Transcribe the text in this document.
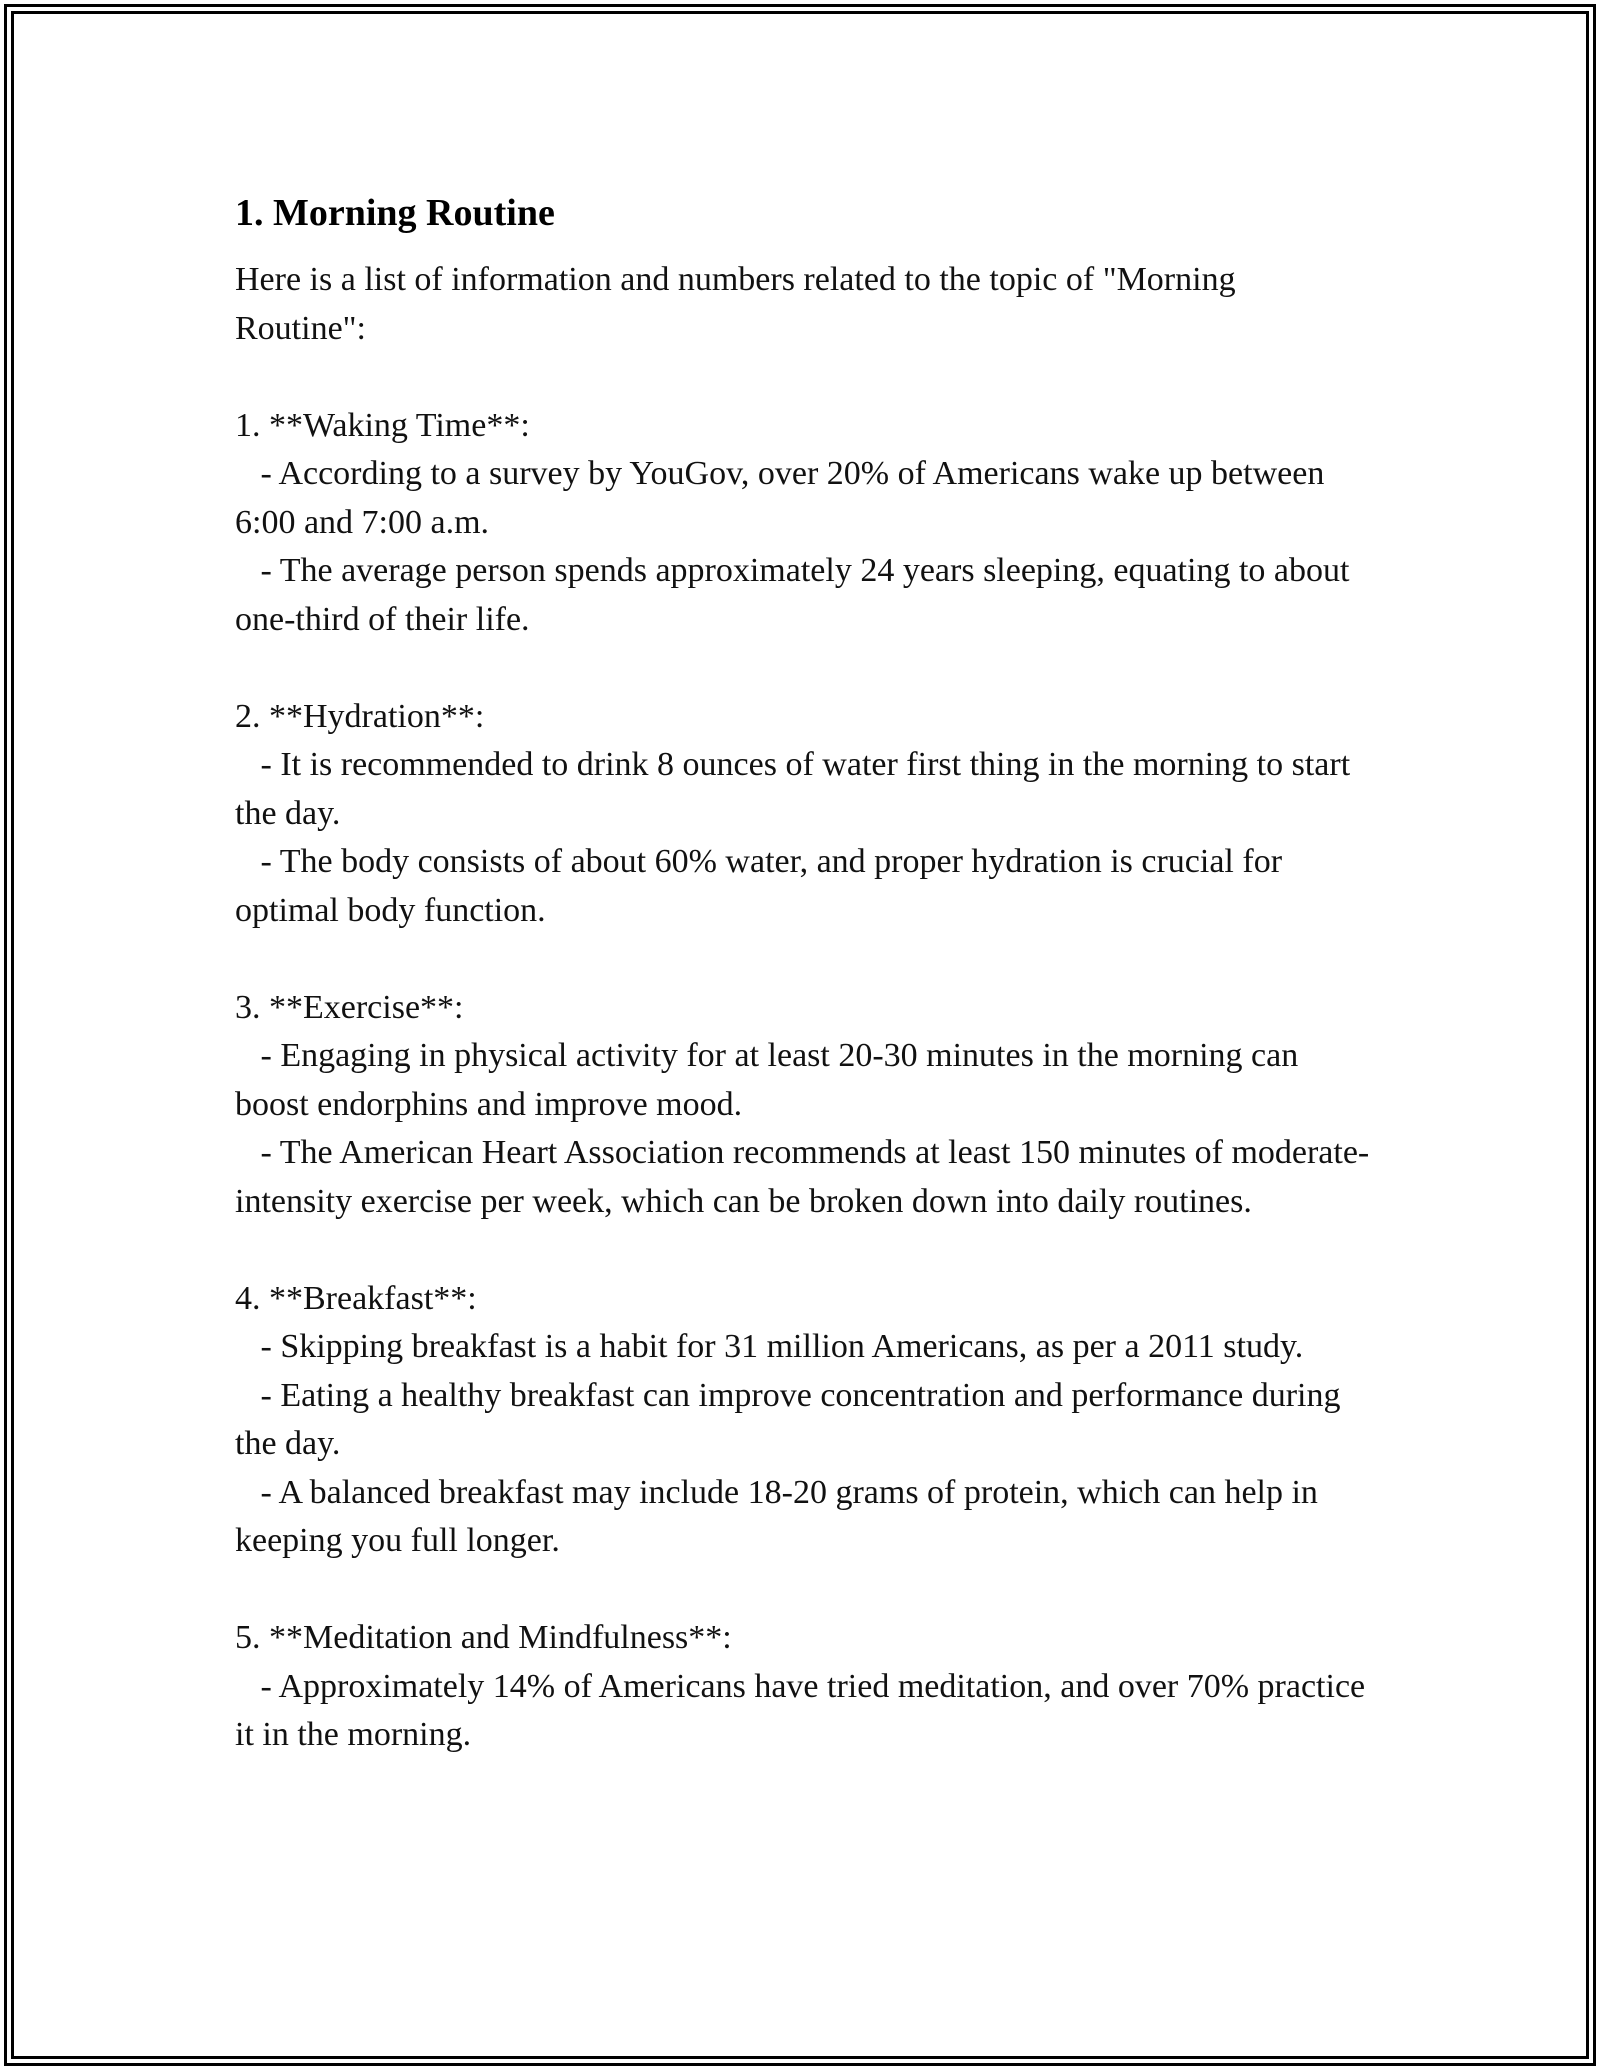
1. Morning Routine

Here is a list of information and numbers related to the topic of "Morning Routine":

1. **Waking Time**:

- According to a survey by YouGov, over 20% of Americans wake up between 6:00 and 7:00 a.m.

- The average person spends approximately 24 years sleeping, equating to about one-third of their life.

2. **Hydration**:

- It is recommended to drink 8 ounces of water first thing in the morning to start the day.

- The body consists of about 60% water, and proper hydration is crucial for optimal body function.

3. **Exercise**:

- Engaging in physical activity for at least 20-30 minutes in the morning can boost endorphins and improve mood.

- The American Heart Association recommends at least 150 minutes of moderate-intensity exercise per week, which can be broken down into daily routines.

4. **Breakfast**:

- Skipping breakfast is a habit for 31 million Americans, as per a 2011 study.

- Eating a healthy breakfast can improve concentration and performance during the day.

- A balanced breakfast may include 18-20 grams of protein, which can help in keeping you full longer.

5. **Meditation and Mindfulness**:

- Approximately 14% of Americans have tried meditation, and over 70% practice it in the morning.
